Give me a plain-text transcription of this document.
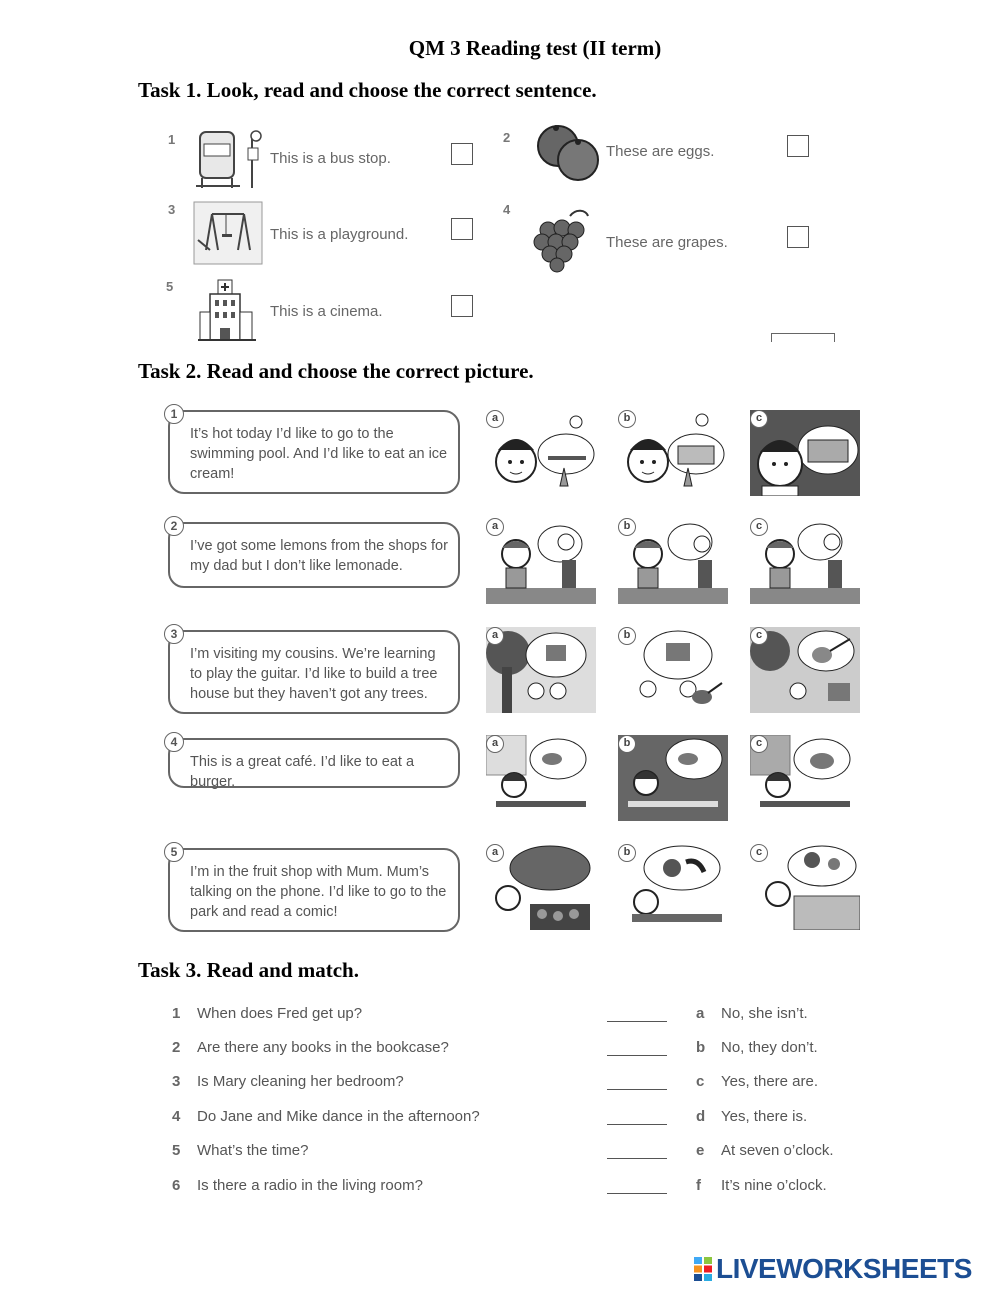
QM 3 Reading test (II term)
Task 1. Look, read and choose the correct sentence.
1
This is a bus stop.
2
These are eggs.
3
This is a playground.
4
These are grapes.
5
This is a cinema.
Task 2. Read and choose the correct picture.
1
It’s hot today I’d like to go to the swimming pool. And I’d like to eat an ice cream!
a	b	c
2
I’ve got some lemons from the shops for my dad but I don’t like lemonade.
a	b	c
3
I’m visiting my cousins. We’re learning to play the guitar. I’d like to build a tree house but they haven’t got any trees.
a	b	c
4
This is a great café. I’d like to eat a burger.
a	b	c
5
I’m in the fruit shop with Mum. Mum’s talking on the phone. I’d like to go to the park and read a comic!
a	b	c
Task 3. Read and match.
1 When does Fred get up?	a No, she isn’t.
2 Are there any books in the bookcase?	b No, they don’t.
3 Is Mary cleaning her bedroom?	c Yes, there are.
4 Do Jane and Mike dance in the afternoon?	d Yes, there is.
5 What’s the time?	e At seven o’clock.
6 Is there a radio in the living room?	f It’s nine o’clock.
LIVEWORKSHEETS
